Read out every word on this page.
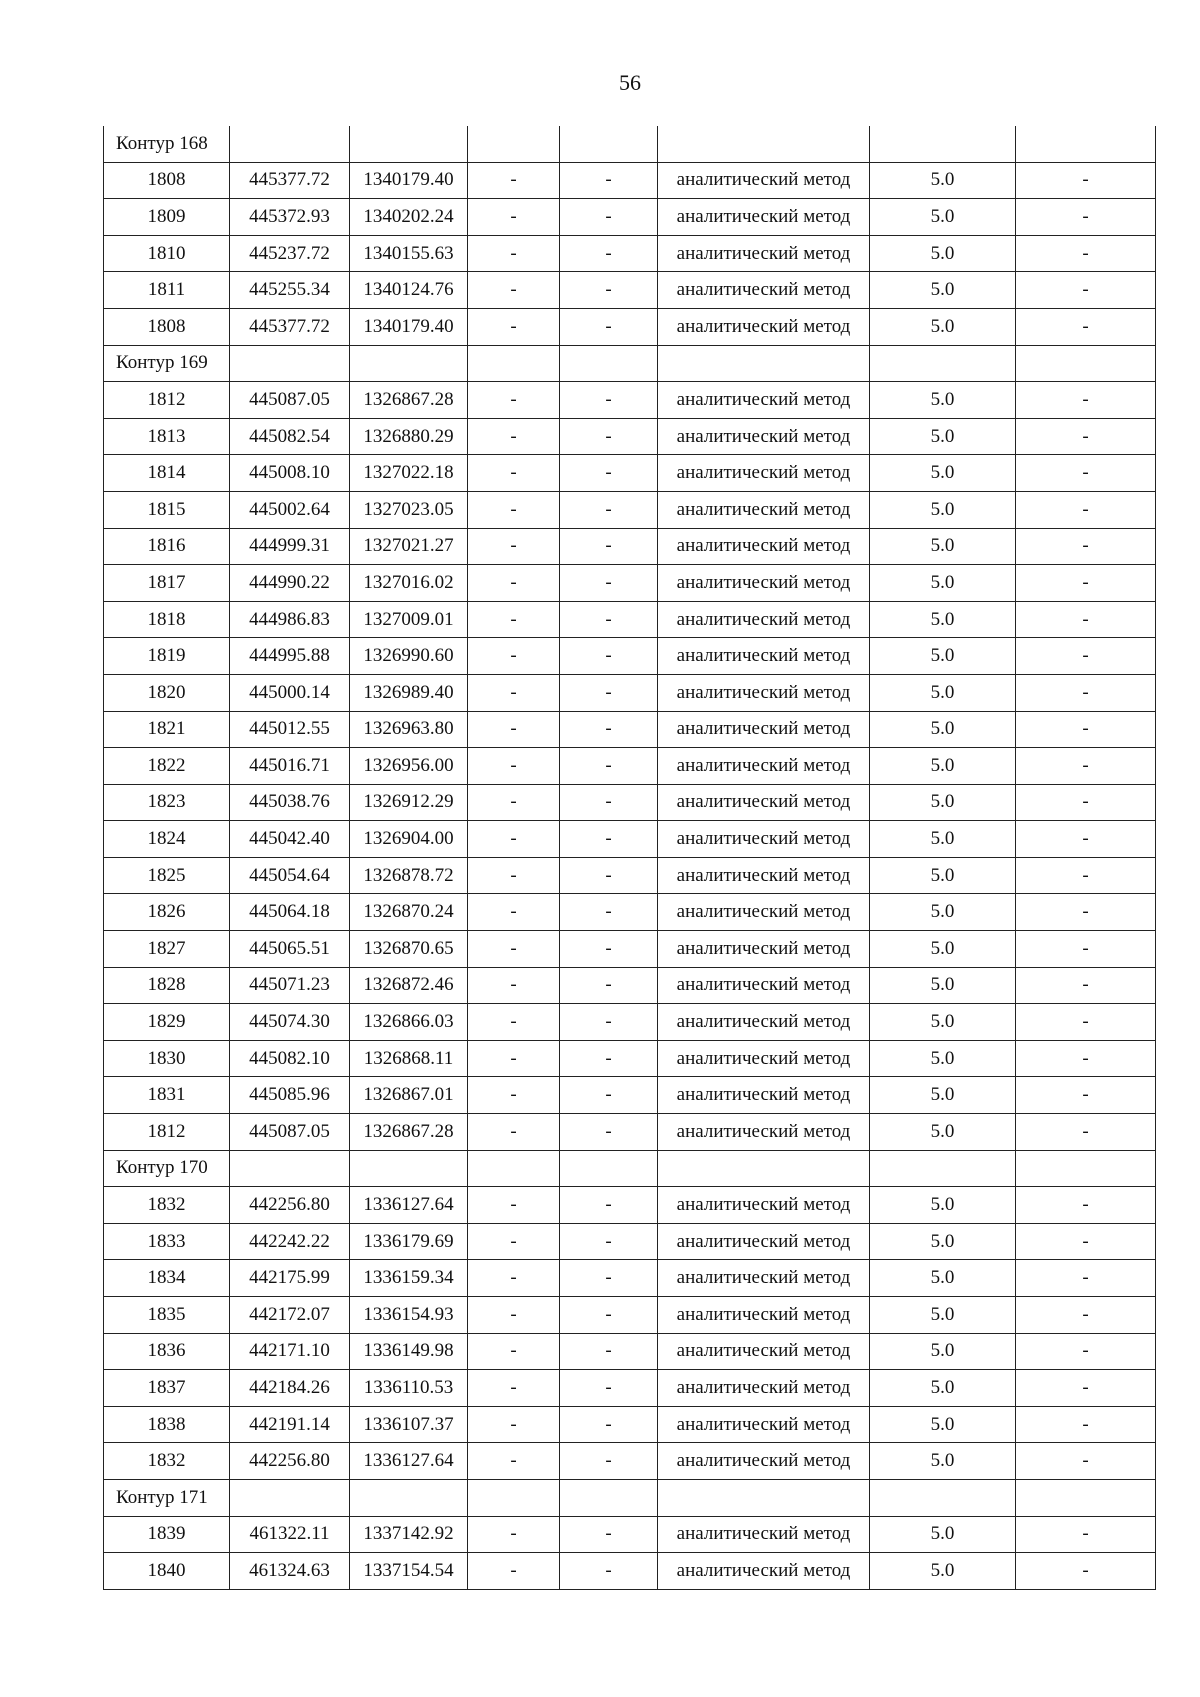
56
Контур 168							
1808	445377.72	1340179.40	-	-	аналитический метод	5.0	-
1809	445372.93	1340202.24	-	-	аналитический метод	5.0	-
1810	445237.72	1340155.63	-	-	аналитический метод	5.0	-
1811	445255.34	1340124.76	-	-	аналитический метод	5.0	-
1808	445377.72	1340179.40	-	-	аналитический метод	5.0	-
Контур 169							
1812	445087.05	1326867.28	-	-	аналитический метод	5.0	-
1813	445082.54	1326880.29	-	-	аналитический метод	5.0	-
1814	445008.10	1327022.18	-	-	аналитический метод	5.0	-
1815	445002.64	1327023.05	-	-	аналитический метод	5.0	-
1816	444999.31	1327021.27	-	-	аналитический метод	5.0	-
1817	444990.22	1327016.02	-	-	аналитический метод	5.0	-
1818	444986.83	1327009.01	-	-	аналитический метод	5.0	-
1819	444995.88	1326990.60	-	-	аналитический метод	5.0	-
1820	445000.14	1326989.40	-	-	аналитический метод	5.0	-
1821	445012.55	1326963.80	-	-	аналитический метод	5.0	-
1822	445016.71	1326956.00	-	-	аналитический метод	5.0	-
1823	445038.76	1326912.29	-	-	аналитический метод	5.0	-
1824	445042.40	1326904.00	-	-	аналитический метод	5.0	-
1825	445054.64	1326878.72	-	-	аналитический метод	5.0	-
1826	445064.18	1326870.24	-	-	аналитический метод	5.0	-
1827	445065.51	1326870.65	-	-	аналитический метод	5.0	-
1828	445071.23	1326872.46	-	-	аналитический метод	5.0	-
1829	445074.30	1326866.03	-	-	аналитический метод	5.0	-
1830	445082.10	1326868.11	-	-	аналитический метод	5.0	-
1831	445085.96	1326867.01	-	-	аналитический метод	5.0	-
1812	445087.05	1326867.28	-	-	аналитический метод	5.0	-
Контур 170							
1832	442256.80	1336127.64	-	-	аналитический метод	5.0	-
1833	442242.22	1336179.69	-	-	аналитический метод	5.0	-
1834	442175.99	1336159.34	-	-	аналитический метод	5.0	-
1835	442172.07	1336154.93	-	-	аналитический метод	5.0	-
1836	442171.10	1336149.98	-	-	аналитический метод	5.0	-
1837	442184.26	1336110.53	-	-	аналитический метод	5.0	-
1838	442191.14	1336107.37	-	-	аналитический метод	5.0	-
1832	442256.80	1336127.64	-	-	аналитический метод	5.0	-
Контур 171							
1839	461322.11	1337142.92	-	-	аналитический метод	5.0	-
1840	461324.63	1337154.54	-	-	аналитический метод	5.0	-
